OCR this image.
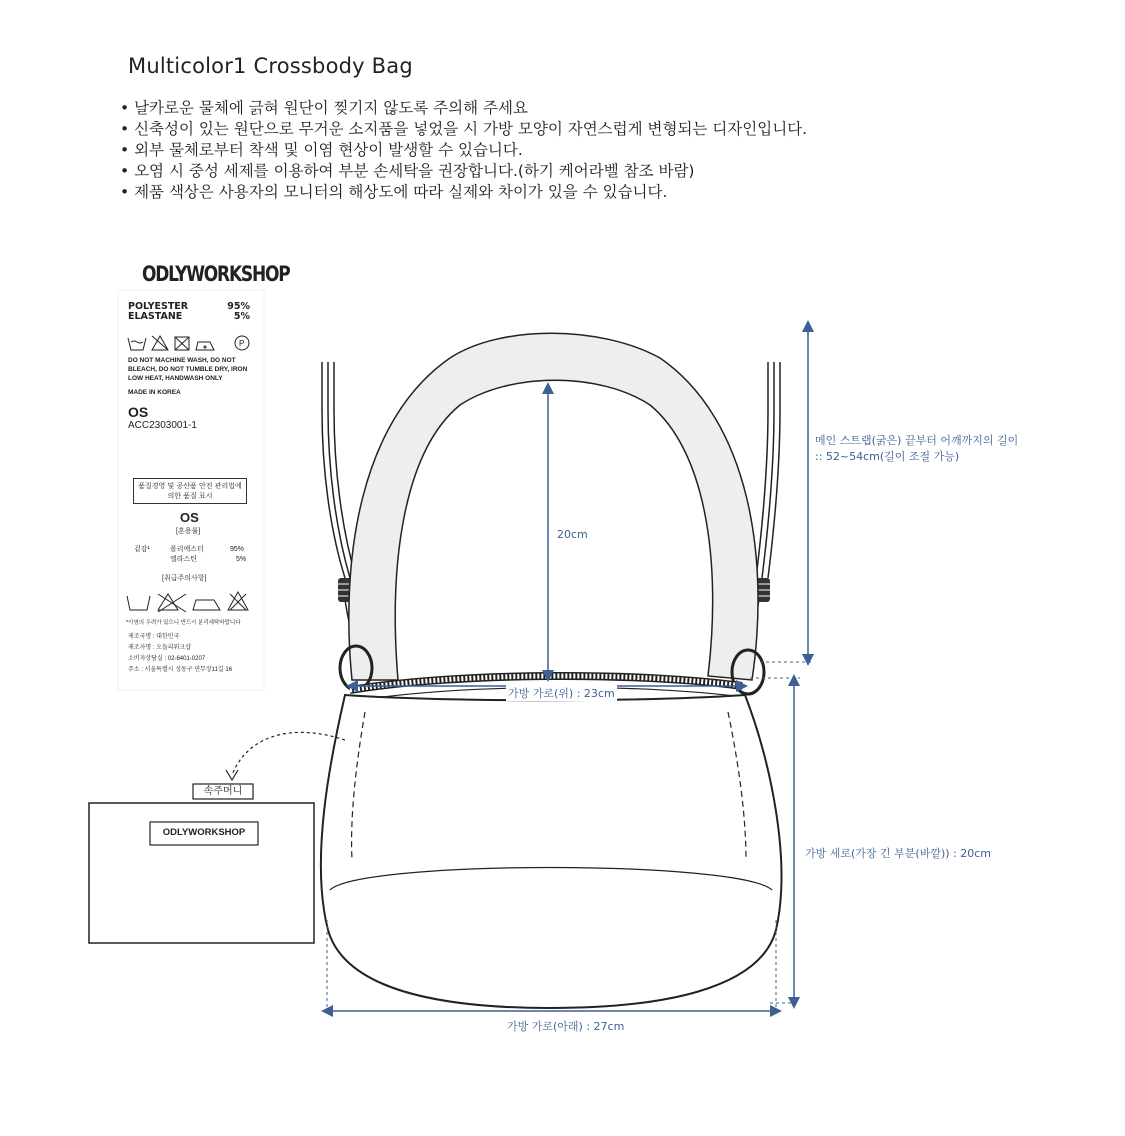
Multicolor1 Crossbody Bag
• 날카로운 물체에 긁혀 원단이 찢기지 않도록 주의해 주세요
• 신축성이 있는 원단으로 무거운 소지품을 넣었을 시 가방 모양이 자연스럽게 변형되는 디자인입니다.
• 외부 물체로부터 착색 및 이염 현상이 발생할 수 있습니다.
• 오염 시 중성 세제를 이용하여 부분 손세탁을 권장합니다.(하기 케어라벨 참조 바람)
• 제품 색상은 사용자의 모니터의 해상도에 따라 실제와 차이가 있을 수 있습니다.
P
ODLYWORKSHOP
POLYESTER	95%
ELASTANE	5%
DO NOT MACHINE WASH, DO NOT BLEACH, DO NOT TUMBLE DRY, IRON LOW HEAT, HANDWASH ONLY
MADE IN KOREA
OS
ACC2303001-1
품질경영 및 공산품 안전 관리법에 의한 품질 표시
OS
[혼용률]
겉감¹	폴리에스터	95%
엘라스틴	5%
[취급주의사항]
*이염의 우려가 있으니 반드시 분리세탁바랍니다
제조국명 : 대한민국
제조자명 : 오들리워크샵
소비자상담실 : 02-6401-0207
주소 : 서울특별시 성동구 연무장11길 16
속주머니
ODLYWORKSHOP
메인 스트랩(굵은) 끝부터 어깨까지의 길이
:: 52~54cm(길이 조절 가능)
20cm
가방 가로(위) : 23cm
가방 세로(가장 긴 부분(바깥)) : 20cm
가방 가로(아래) : 27cm
